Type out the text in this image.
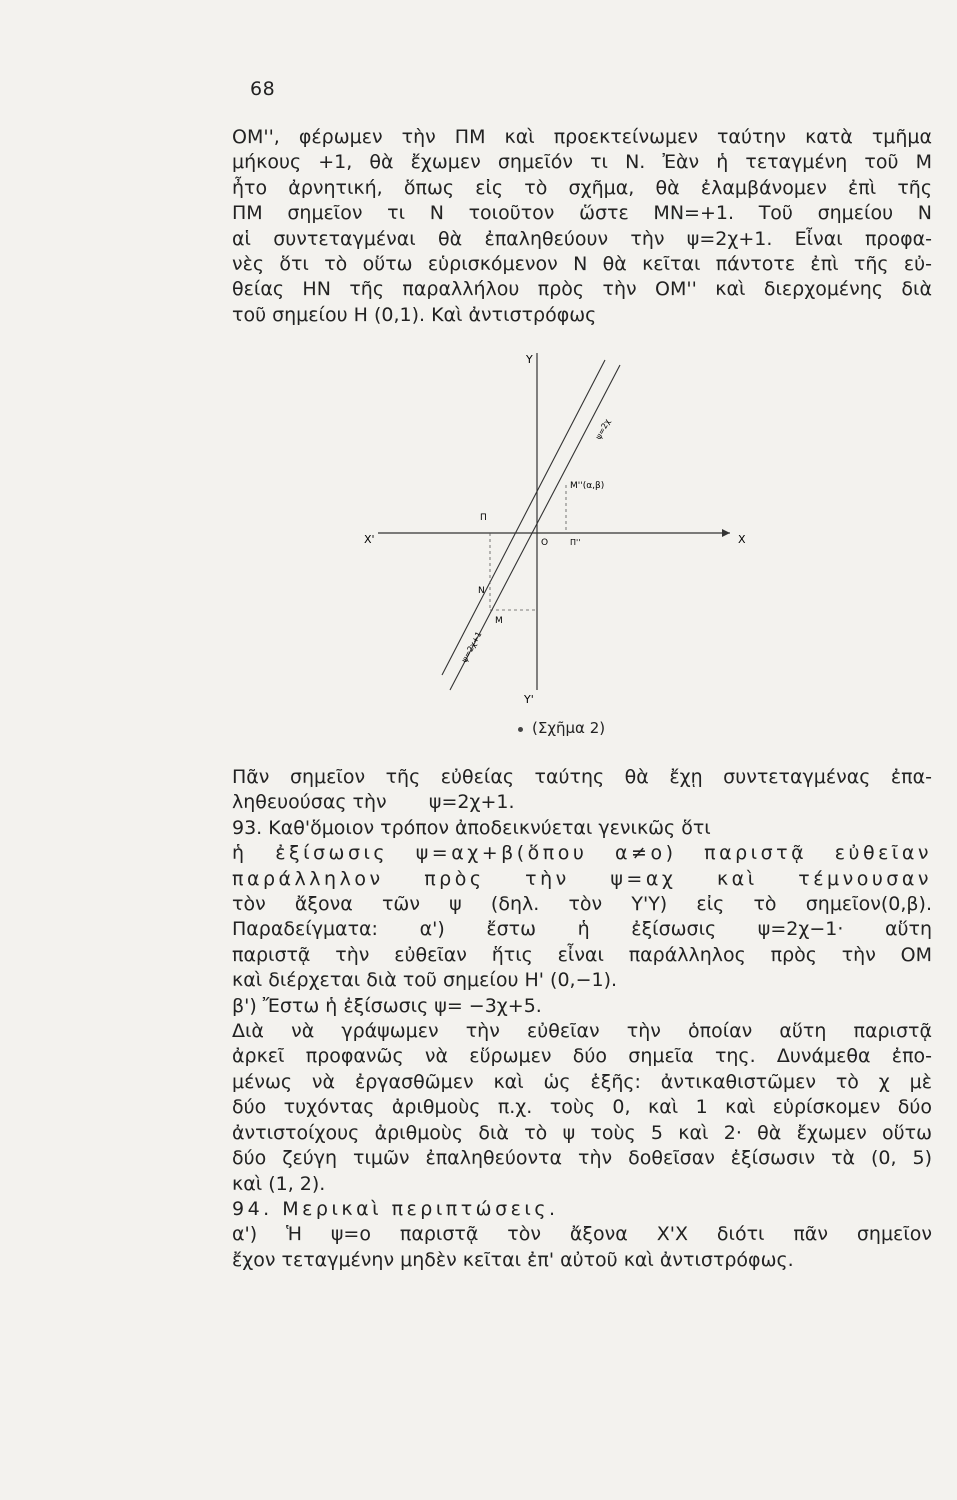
68
ΟΜ'', φέρωμεν τὴν ΠΜ καὶ προεκτείνωμεν ταύτην κατὰ τμῆμα
μήκους +1, θὰ ἔχωμεν σημεῖόν τι Ν. Ἐὰν ἡ τεταγμένη τοῦ Μ
ἦτο ἀρνητική, ὅπως εἰς τὸ σχῆμα, θὰ ἐλαμβάνομεν ἐπὶ τῆς
ΠΜ σημεῖον τι Ν τοιοῦτον ὥστε ΜΝ=+1. Τοῦ σημείου Ν
αἱ συντεταγμέναι θὰ ἐπαληθεύουν τὴν ψ=2χ+1. Εἶναι προφα-
νὲς ὅτι τὸ οὕτω εὑρισκόμενον Ν θὰ κεῖται πάντοτε ἐπὶ τῆς εὐ-
θείας ΗΝ τῆς παραλλήλου πρὸς τὴν ΟΜ'' καὶ διερχομένης διὰ
τοῦ σημείου Η (0,1). Καὶ ἀντιστρόφως
Υ
Υ'
Χ'	Χ
Μ''(α,β)
Μ
Π''
Π
Ν
Ο
ψ=2χ
ψ=2χ+1
(Σχῆμα 2)
Πᾶν σημεῖον τῆς εὐθείας ταύτης θὰ ἔχῃ συντεταγμένας ἐπα-
ληθευούσας τὴν       ψ=2χ+1.
93. Καθ'ὅμοιον τρόπον ἀποδεικνύεται γενικῶς ὅτι
ἡ ἐξίσωσις ψ=αχ+β(ὅπου α≠ο) παριστᾷ εὐθεῖαν
παράλληλον πρὸς τὴν ψ=αχ καὶ τέμνουσαν
τὸν ἄξονα τῶν ψ (δηλ. τὸν Υ'Υ) εἰς τὸ σημεῖον(0,β).
Παραδείγματα: α') ἔστω ἡ ἐξίσωσις ψ=2χ−1· αὕτη
παριστᾷ τὴν εὐθεῖαν ἥτις εἶναι παράλληλος πρὸς τὴν ΟΜ
καὶ διέρχεται διὰ τοῦ σημείου Η' (0,−1).
β') Ἔστω ἡ ἐξίσωσις ψ= −3χ+5.
Διὰ νὰ γράψωμεν τὴν εὐθεῖαν τὴν ὁποίαν αὕτη παριστᾷ
ἀρκεῖ προφανῶς νὰ εὕρωμεν δύο σημεῖα της. Δυνάμεθα ἐπο-
μένως νὰ ἐργασθῶμεν καὶ ὡς ἑξῆς: ἀντικαθιστῶμεν τὸ χ μὲ
δύο τυχόντας ἀριθμοὺς π.χ. τοὺς 0, καὶ 1 καὶ εὑρίσκομεν δύο
ἀντιστοίχους ἀριθμοὺς διὰ τὸ ψ τοὺς 5 καὶ 2· θὰ ἔχωμεν οὕτω
δύο ζεύγη τιμῶν ἐπαληθεύοντα τὴν δοθεῖσαν ἐξίσωσιν τὰ (0, 5)
καὶ (1, 2).
94. Μερικαὶ περιπτώσεις.
α') Ἡ ψ=ο παριστᾷ τὸν ἄξονα Χ'Χ διότι πᾶν σημεῖον
ἔχον τεταγμένην μηδὲν κεῖται ἐπ' αὐτοῦ καὶ ἀντιστρόφως.
